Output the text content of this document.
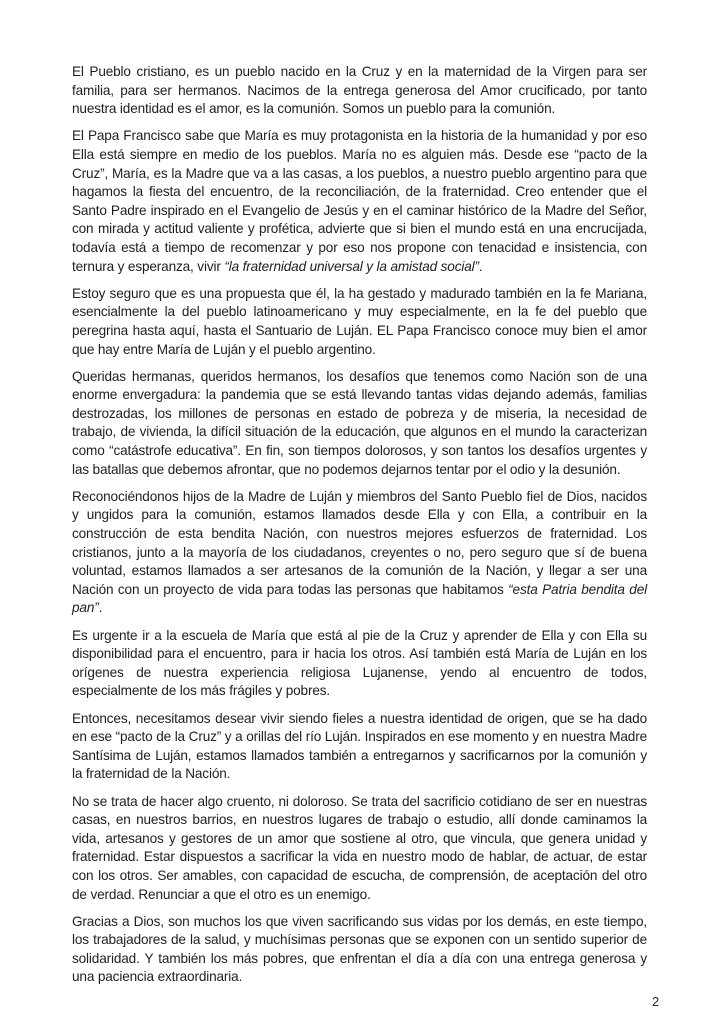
El Pueblo cristiano, es un pueblo nacido en la Cruz y en la maternidad de la Virgen para ser familia, para ser hermanos. Nacimos de la entrega generosa del Amor crucificado, por tanto nuestra identidad es el amor, es la comunión. Somos un pueblo para la comunión.

El Papa Francisco sabe que María es muy protagonista en la historia de la humanidad y por eso Ella está siempre en medio de los pueblos. María no es alguien más. Desde ese “pacto de la Cruz”, María, es la Madre que va a las casas, a los pueblos, a nuestro pueblo argentino para que hagamos la fiesta del encuentro, de la reconciliación, de la fraternidad. Creo entender que el Santo Padre inspirado en el Evangelio de Jesús y en el caminar histórico de la Madre del Señor, con mirada y actitud valiente y profética, advierte que si bien el mundo está en una encrucijada, todavía está a tiempo de recomenzar y por eso nos propone con tenacidad e insistencia, con ternura y esperanza, vivir “la fraternidad universal y la amistad social”.

Estoy seguro que es una propuesta que él, la ha gestado y madurado también en la fe Mariana, esencialmente la del pueblo latinoamericano y muy especialmente, en la fe del pueblo que peregrina hasta aquí, hasta el Santuario de Luján. EL Papa Francisco conoce muy bien el amor que hay entre María de Luján y el pueblo argentino.

Queridas hermanas, queridos hermanos, los desafíos que tenemos como Nación son de una enorme envergadura: la pandemia que se está llevando tantas vidas dejando además, familias destrozadas, los millones de personas en estado de pobreza y de miseria, la necesidad de trabajo, de vivienda, la difícil situación de la educación, que algunos en el mundo la caracterizan como “catástrofe educativa”. En fin, son tiempos dolorosos, y son tantos los desafíos urgentes y las batallas que debemos afrontar, que no podemos dejarnos tentar por el odio y la desunión.

Reconociéndonos hijos de la Madre de Luján y miembros del Santo Pueblo fiel de Dios, nacidos y ungidos para la comunión, estamos llamados desde Ella y con Ella, a contribuir en la construcción de esta bendita Nación, con nuestros mejores esfuerzos de fraternidad. Los cristianos, junto a la mayoría de los ciudadanos, creyentes o no, pero seguro que sí de buena voluntad, estamos llamados a ser artesanos de la comunión de la Nación, y llegar a ser una Nación con un proyecto de vida para todas las personas que habitamos “esta Patria bendita del pan”.

Es urgente ir a la escuela de María que está al pie de la Cruz y aprender de Ella y con Ella su disponibilidad para el encuentro, para ir hacia los otros. Así también está María de Luján en los orígenes de nuestra experiencia religiosa Lujanense, yendo al encuentro de todos, especialmente de los más frágiles y pobres.

Entonces, necesitamos desear vivir siendo fieles a nuestra identidad de origen, que se ha dado en ese “pacto de la Cruz” y a orillas del río Luján. Inspirados en ese momento y en nuestra Madre Santísima de Luján, estamos llamados también a entregarnos y sacrificarnos por la comunión y la fraternidad de la Nación.

No se trata de hacer algo cruento, ni doloroso. Se trata del sacrificio cotidiano de ser en nuestras casas, en nuestros barrios, en nuestros lugares de trabajo o estudio, allí donde caminamos la vida, artesanos y gestores de un amor que sostiene al otro, que vincula, que genera unidad y fraternidad. Estar dispuestos a sacrificar la vida en nuestro modo de hablar, de actuar, de estar con los otros. Ser amables, con capacidad de escucha, de comprensión, de aceptación del otro de verdad. Renunciar a que el otro es un enemigo.

Gracias a Dios, son muchos los que viven sacrificando sus vidas por los demás, en este tiempo, los trabajadores de la salud, y muchísimas personas que se exponen con un sentido superior de solidaridad. Y también los más pobres, que enfrentan el día a día con una entrega generosa y una paciencia extraordinaria.

2
